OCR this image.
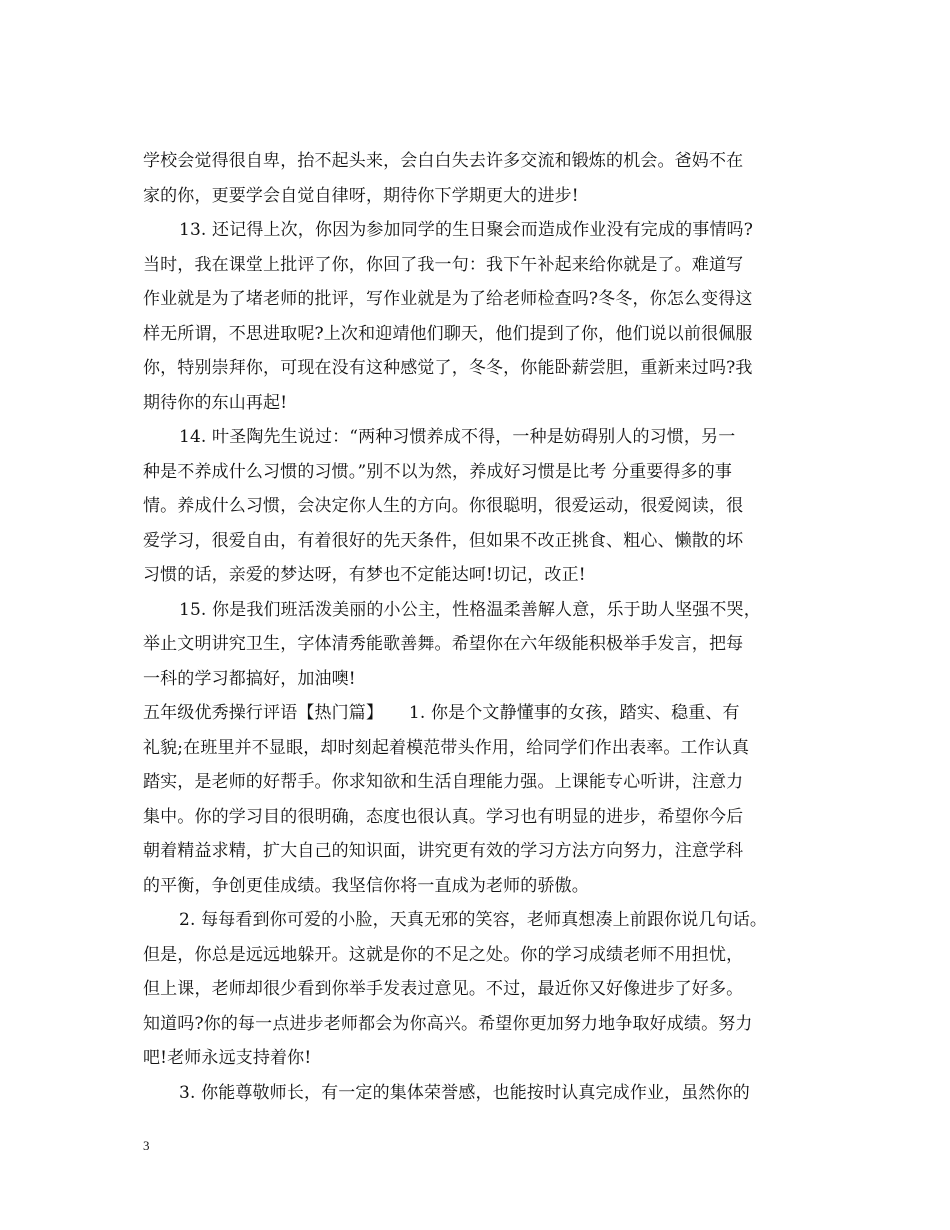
学校会觉得很自卑，抬不起头来，会白白失去许多交流和锻炼的机会。爸妈不在
家的你，更要学会自觉自律呀，期待你下学期更大的进步!
13. 还记得上次，你因为参加同学的生日聚会而造成作业没有完成的事情吗?
当时，我在课堂上批评了你，你回了我一句：我下午补起来给你就是了。难道写
作业就是为了堵老师的批评，写作业就是为了给老师检查吗?冬冬，你怎么变得这
样无所谓，不思进取呢?上次和迎靖他们聊天，他们提到了你，他们说以前很佩服
你，特别崇拜你，可现在没有这种感觉了，冬冬，你能卧薪尝胆，重新来过吗?我
期待你的东山再起!
14. 叶圣陶先生说过：“两种习惯养成不得，一种是妨碍别人的习惯，另一
种是不养成什么习惯的习惯。”别不以为然，养成好习惯是比考 分重要得多的事
情。养成什么习惯，会决定你人生的方向。你很聪明，很爱运动，很爱阅读，很
爱学习，很爱自由，有着很好的先天条件，但如果不改正挑食、粗心、懒散的坏
习惯的话，亲爱的梦达呀，有梦也不定能达呵!切记，改正!
15. 你是我们班活泼美丽的小公主，性格温柔善解人意，乐于助人坚强不哭，
举止文明讲究卫生，字体清秀能歌善舞。希望你在六年级能积极举手发言，把每
一科的学习都搞好，加油噢!
五年级优秀操行评语【热门篇】　　1. 你是个文静懂事的女孩，踏实、稳重、有
礼貌;在班里并不显眼，却时刻起着模范带头作用，给同学们作出表率。工作认真
踏实，是老师的好帮手。你求知欲和生活自理能力强。上课能专心听讲，注意力
集中。你的学习目的很明确，态度也很认真。学习也有明显的进步，希望你今后
朝着精益求精，扩大自己的知识面，讲究更有效的学习方法方向努力，注意学科
的平衡，争创更佳成绩。我坚信你将一直成为老师的骄傲。
2. 每每看到你可爱的小脸，天真无邪的笑容，老师真想凑上前跟你说几句话。
但是，你总是远远地躲开。这就是你的不足之处。你的学习成绩老师不用担忧，
但上课，老师却很少看到你举手发表过意见。不过，最近你又好像进步了好多。
知道吗?你的每一点进步老师都会为你高兴。希望你更加努力地争取好成绩。努力
吧!老师永远支持着你!
3. 你能尊敬师长，有一定的集体荣誉感，也能按时认真完成作业，虽然你的
3
